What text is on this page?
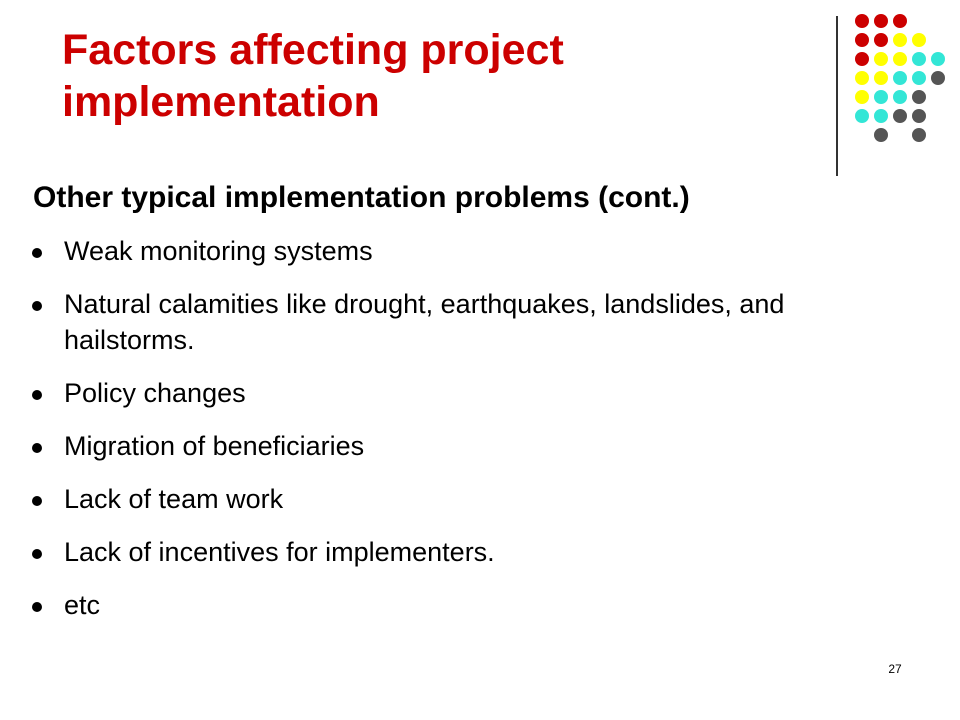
Factors affecting project implementation
Other typical implementation problems (cont.)
Weak monitoring systems
Natural calamities like drought, earthquakes, landslides, and hailstorms.
Policy changes
Migration of beneficiaries
Lack of team work
Lack of incentives for implementers.
etc
27
